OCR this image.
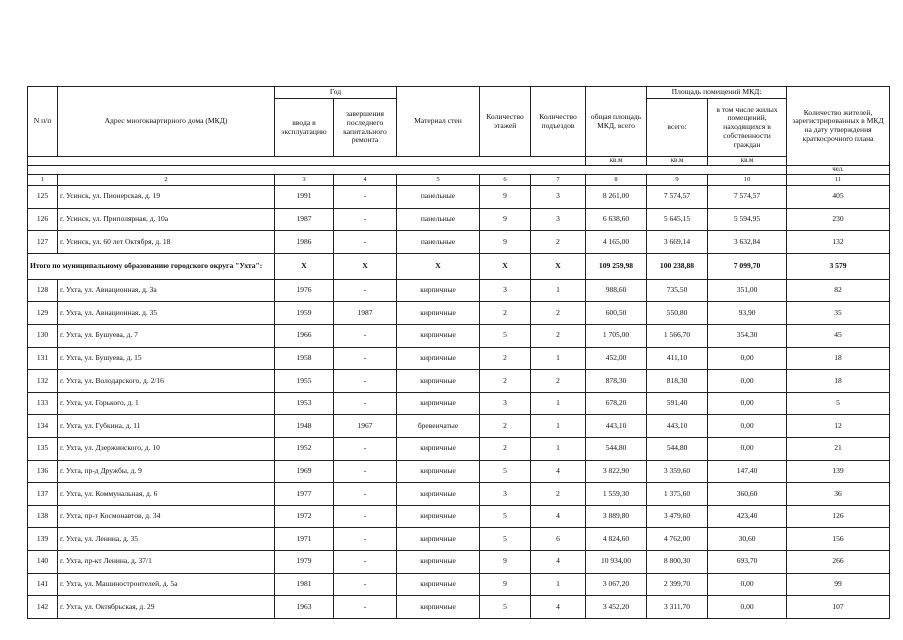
N п/п	Адрес многоквартирного дома (МКД)	Год		Материал стен	Количество этажей	Количество подъездов	общая площадь МКД, всего	Площадь помещений МКД:		Количество жителей, зарегистрированных в МКД на дату утверждения краткосрочного плана
		ввода в эксплуатацию	завершения последнего капитального ремонта					всего:	в том числе жилых помещений, находящихся в собственности граждан	
							кв.м	кв.м	кв.м	
										чел.
1	2	3	4	5	6	7	8	9	10	11
125	г. Усинск, ул. Пионерская, д. 19	1991	-	панельные	9	3	8 261,00	7 574,57	7 574,57	405
126	г. Усинск, ул. Приполярная, д. 10а	1987	-	панельные	9	3	6 638,60	5 645,15	5 594,95	230
127	г. Усинск, ул. 60 лет Октября, д. 18	1986	-	панельные	9	2	4 165,00	3 669,14	3 632,84	132
Итого по муниципальному образованию городского округа "Ухта":		X	X	X	X	X	109 259,98	100 238,88	7 099,70	3 579
128	г. Ухта, ул. Авиационная, д. 3а	1976	-	кирпичные	3	1	988,60	735,50	351,00	82
129	г. Ухта, ул. Авиационная, д. 35	1959	1987	кирпичные	2	2	600,50	550,80	93,90	35
130	г. Ухта, ул. Бушуева, д. 7	1966	-	кирпичные	5	2	1 705,00	1 566,70	354,30	45
131	г. Ухта, ул. Бушуева, д. 15	1958	-	кирпичные	2	1	452,00	411,10	0,00	18
132	г. Ухта, ул. Володарского, д. 2/16	1955	-	кирпичные	2	2	878,30	818,30	0,00	18
133	г. Ухта, ул. Горького, д. 1	1953	-	кирпичные	3	1	678,20	591,40	0,00	5
134	г. Ухта, ул. Губкина, д. 11	1948	1967	бревенчатые	2	1	443,10	443,10	0,00	12
135	г. Ухта, ул. Дзержинского, д. 10	1952	-	кирпичные	2	1	544,80	544,80	0,00	21
136	г. Ухта, пр-д Дружбы, д. 9	1969	-	кирпичные	5	4	3 822,90	3 359,60	147,40	139
137	г. Ухта, ул. Коммунальная, д. 6	1977	-	кирпичные	3	2	1 559,30	1 375,60	360,60	36
138	г. Ухта, пр-т Космонавтов, д. 34	1972	-	кирпичные	5	4	3 889,80	3 479,60	423,40	126
139	г. Ухта, ул. Ленина, д. 35	1971	-	кирпичные	5	6	4 824,60	4 762,00	30,60	156
140	г. Ухта, пр-кт Ленина, д. 37/1	1979	-	кирпичные	9	4	10 934,00	8 800,30	693,70	266
141	г. Ухта, ул. Машиностроителей, д. 5а	1981	-	кирпичные	9	1	3 067,20	2 399,70	0,00	99
142	г. Ухта, ул. Октябрьская, д. 29	1963	-	кирпичные	5	4	3 452,20	3 311,70	0,00	107
